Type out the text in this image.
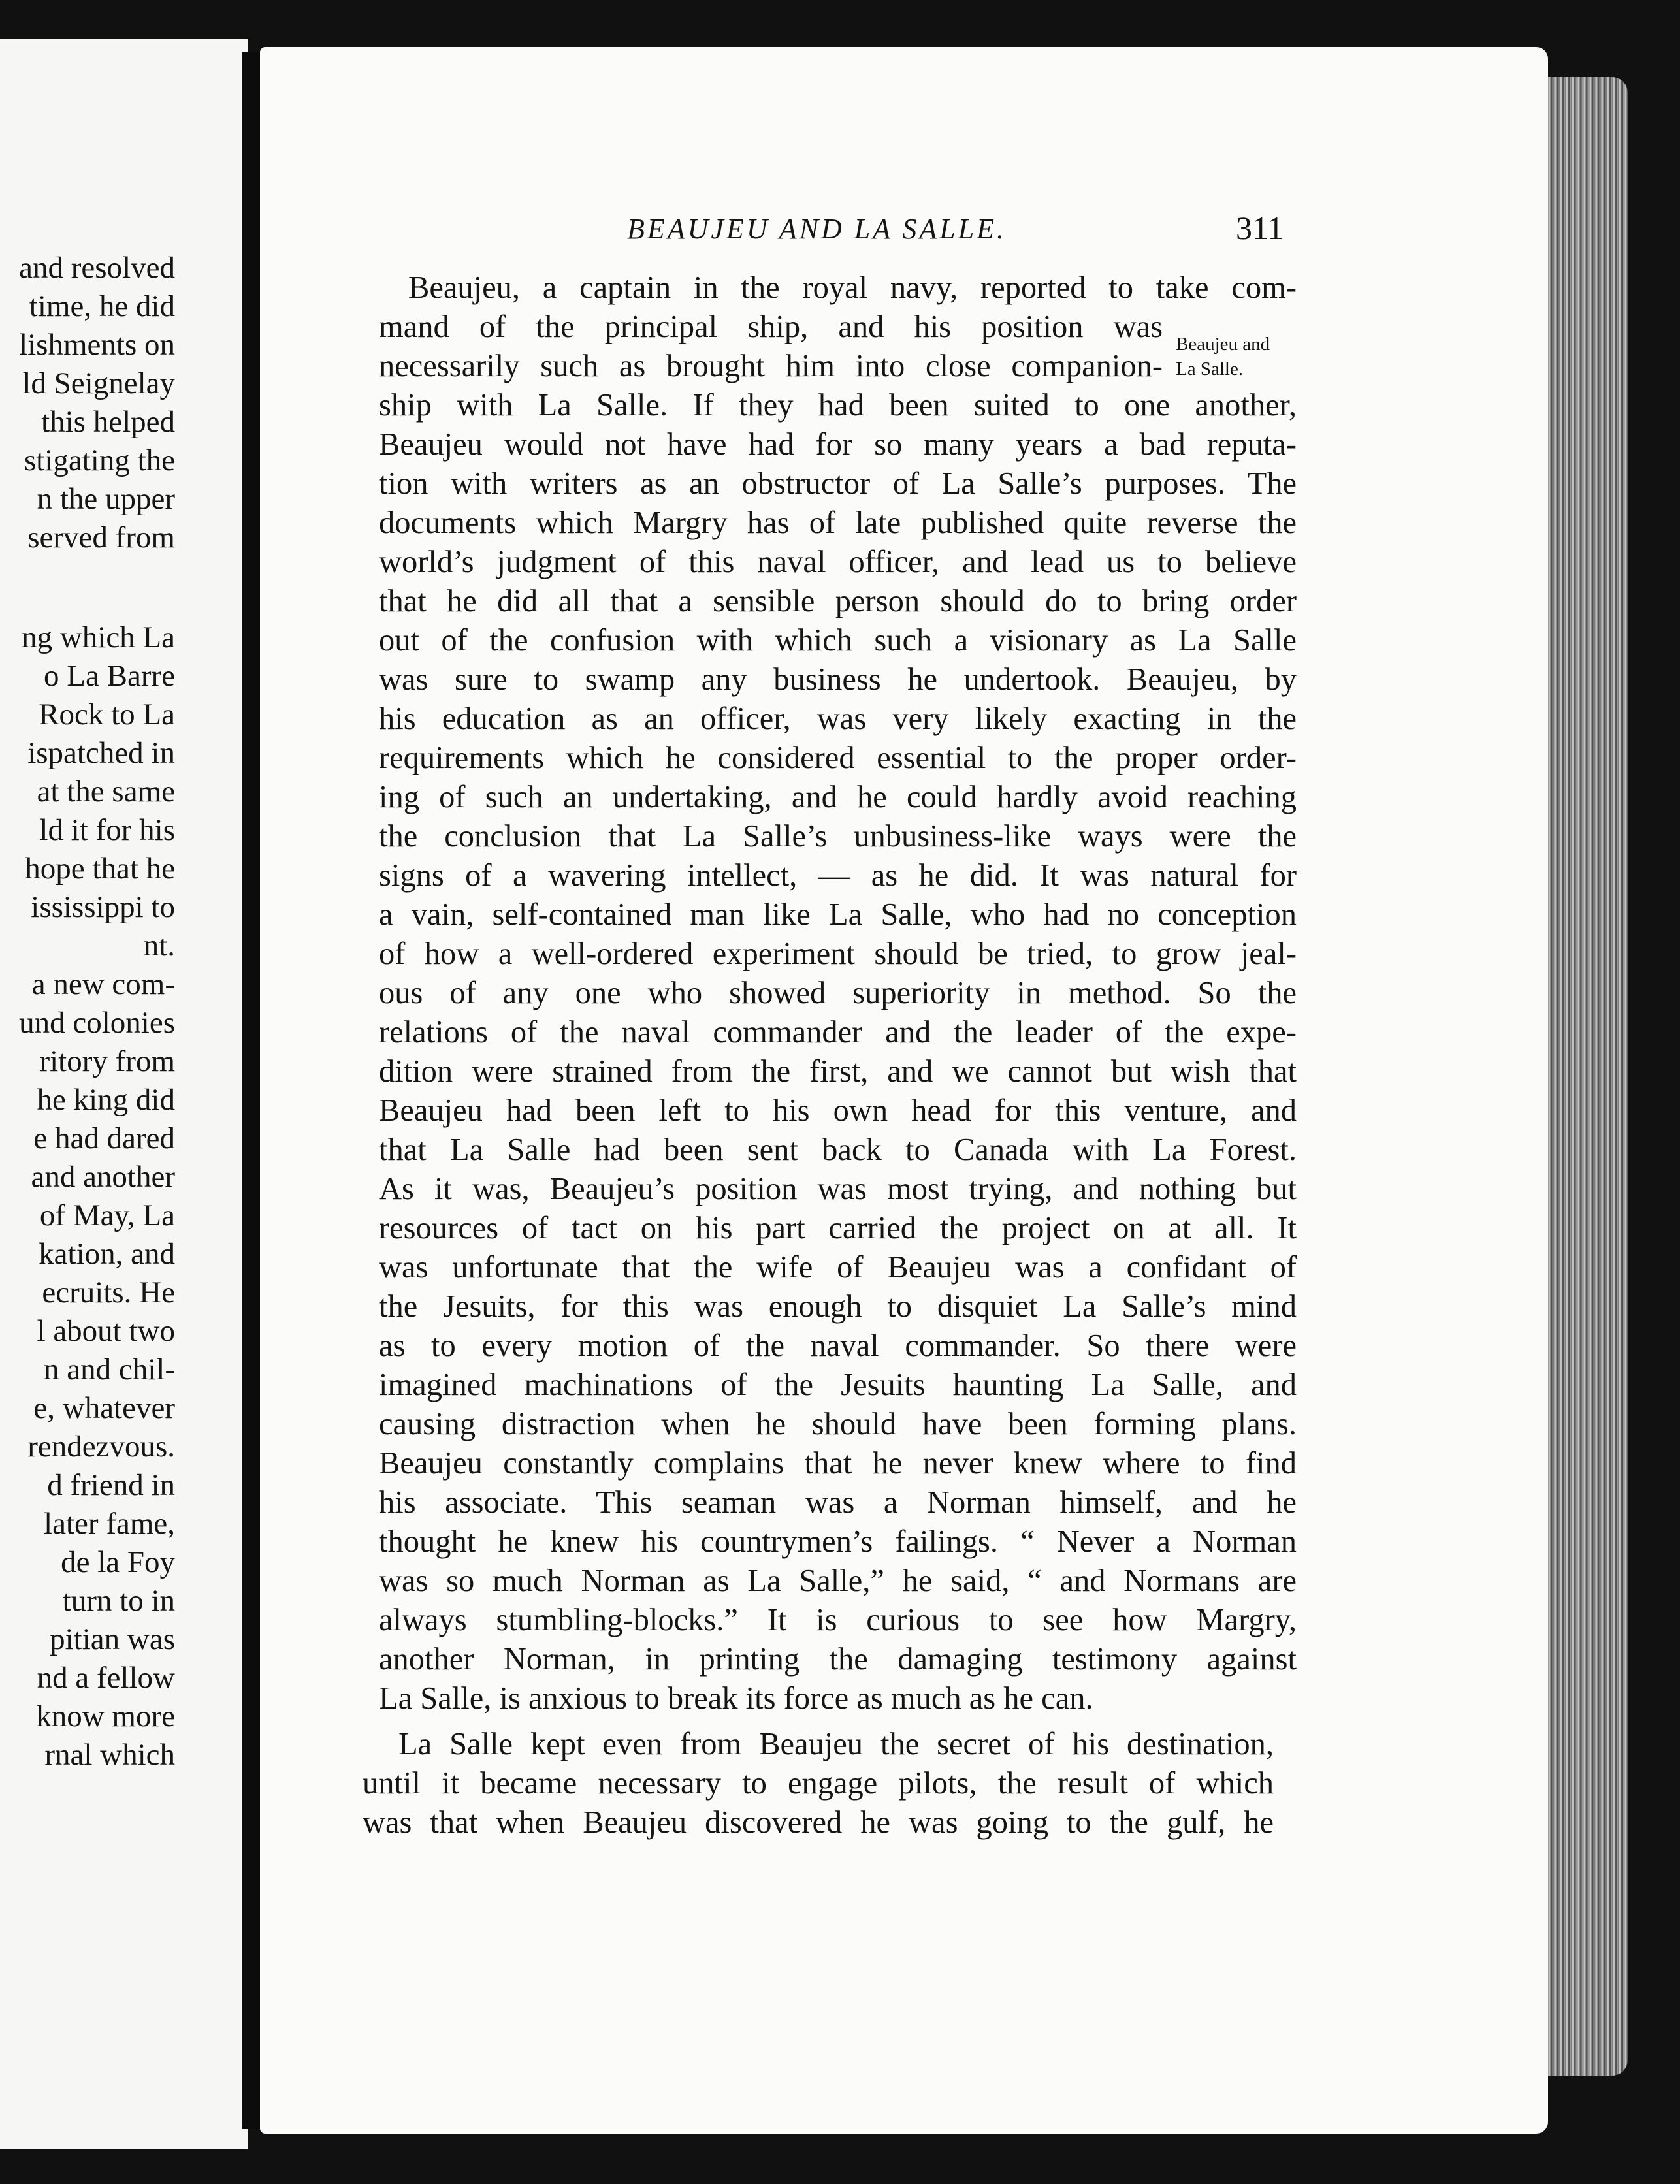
and resolved
time, he did
lishments on
ld Seignelay
this helped
stigating the
n the upper
served from
ng which La
o La Barre
Rock to La
ispatched in
at the same
ld it for his
hope that he
ississippi to
nt.
a new com-
und colonies
ritory from
he king did
e had dared
and another
of May, La
kation, and
ecruits. He
l about two
n and chil-
e, whatever
rendezvous.
d friend in
later fame,
de la Foy
turn to in
pitian was
nd a fellow
know more
rnal which
BEAUJEU AND LA SALLE.	311
Beaujeu and
La Salle.
Beaujeu, a captain in the royal navy, reported to take com-
mand of the principal ship, and his position was
necessarily such as brought him into close companion-
ship with La Salle. If they had been suited to one another,
Beaujeu would not have had for so many years a bad reputa-
tion with writers as an obstructor of La Salle’s purposes. The
documents which Margry has of late published quite reverse the
world’s judgment of this naval officer, and lead us to believe
that he did all that a sensible person should do to bring order
out of the confusion with which such a visionary as La Salle
was sure to swamp any business he undertook. Beaujeu, by
his education as an officer, was very likely exacting in the
requirements which he considered essential to the proper order-
ing of such an undertaking, and he could hardly avoid reaching
the conclusion that La Salle’s unbusiness-like ways were the
signs of a wavering intellect, — as he did. It was natural for
a vain, self-contained man like La Salle, who had no conception
of how a well-ordered experiment should be tried, to grow jeal-
ous of any one who showed superiority in method. So the
relations of the naval commander and the leader of the expe-
dition were strained from the first, and we cannot but wish that
Beaujeu had been left to his own head for this venture, and
that La Salle had been sent back to Canada with La Forest.
As it was, Beaujeu’s position was most trying, and nothing but
resources of tact on his part carried the project on at all. It
was unfortunate that the wife of Beaujeu was a confidant of
the Jesuits, for this was enough to disquiet La Salle’s mind
as to every motion of the naval commander. So there were
imagined machinations of the Jesuits haunting La Salle, and
causing distraction when he should have been forming plans.
Beaujeu constantly complains that he never knew where to find
his associate. This seaman was a Norman himself, and he
thought he knew his countrymen’s failings. “ Never a Norman
was so much Norman as La Salle,” he said, “ and Normans are
always stumbling-blocks.” It is curious to see how Margry,
another Norman, in printing the damaging testimony against
La Salle, is anxious to break its force as much as he can.
La Salle kept even from Beaujeu the secret of his destination,
until it became necessary to engage pilots, the result of which
was that when Beaujeu discovered he was going to the gulf, he
